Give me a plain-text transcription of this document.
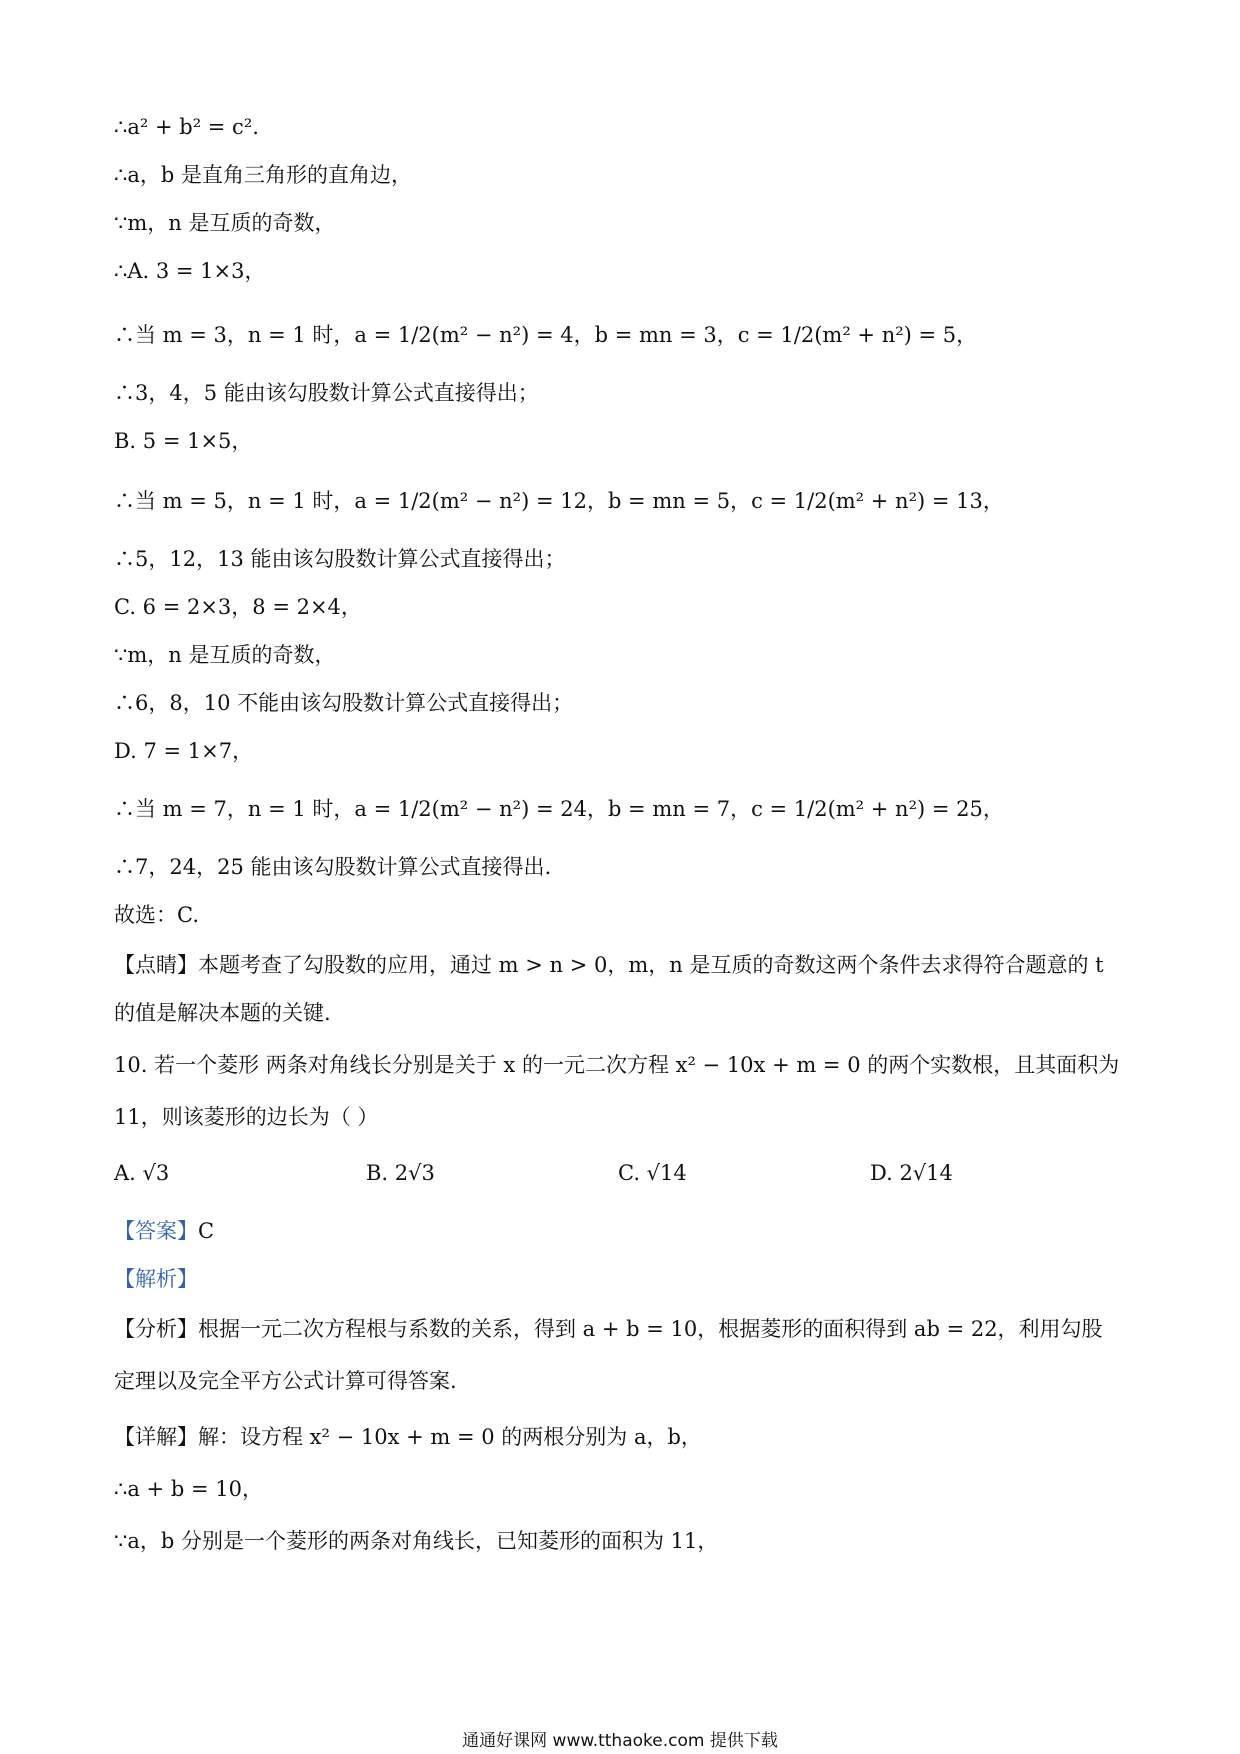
∴a² + b² = c².
∴a，b 是直角三角形的直角边，
∵m，n 是互质的奇数，
∴A. 3 = 1×3，
∴当 m = 3，n = 1 时，a = 1/2(m² − n²) = 4，b = mn = 3，c = 1/2(m² + n²) = 5，
∴3，4，5 能由该勾股数计算公式直接得出；
B. 5 = 1×5，
∴当 m = 5，n = 1 时，a = 1/2(m² − n²) = 12，b = mn = 5，c = 1/2(m² + n²) = 13，
∴5，12，13 能由该勾股数计算公式直接得出；
C. 6 = 2×3，8 = 2×4，
∵m，n 是互质的奇数，
∴6，8，10 不能由该勾股数计算公式直接得出；
D. 7 = 1×7，
∴当 m = 7，n = 1 时，a = 1/2(m² − n²) = 24，b = mn = 7，c = 1/2(m² + n²) = 25，
∴7，24，25 能由该勾股数计算公式直接得出.
故选：C.
【点睛】本题考查了勾股数的应用，通过 m > n > 0，m，n 是互质的奇数这两个条件去求得符合题意的 t
的值是解决本题的关键.
10. 若一个菱形 两条对角线长分别是关于 x 的一元二次方程 x² − 10x + m = 0 的两个实数根，且其面积为
11，则该菱形的边长为（ ）
A. √3	B. 2√3	C. √14	D. 2√14
【答案】C
【解析】
【分析】根据一元二次方程根与系数的关系，得到 a + b = 10，根据菱形的面积得到 ab = 22，利用勾股
定理以及完全平方公式计算可得答案.
【详解】解：设方程 x² − 10x + m = 0 的两根分别为 a，b，
∴a + b = 10，
∵a，b 分别是一个菱形的两条对角线长，已知菱形的面积为 11，
通通好课网 www.tthaoke.com 提供下载
